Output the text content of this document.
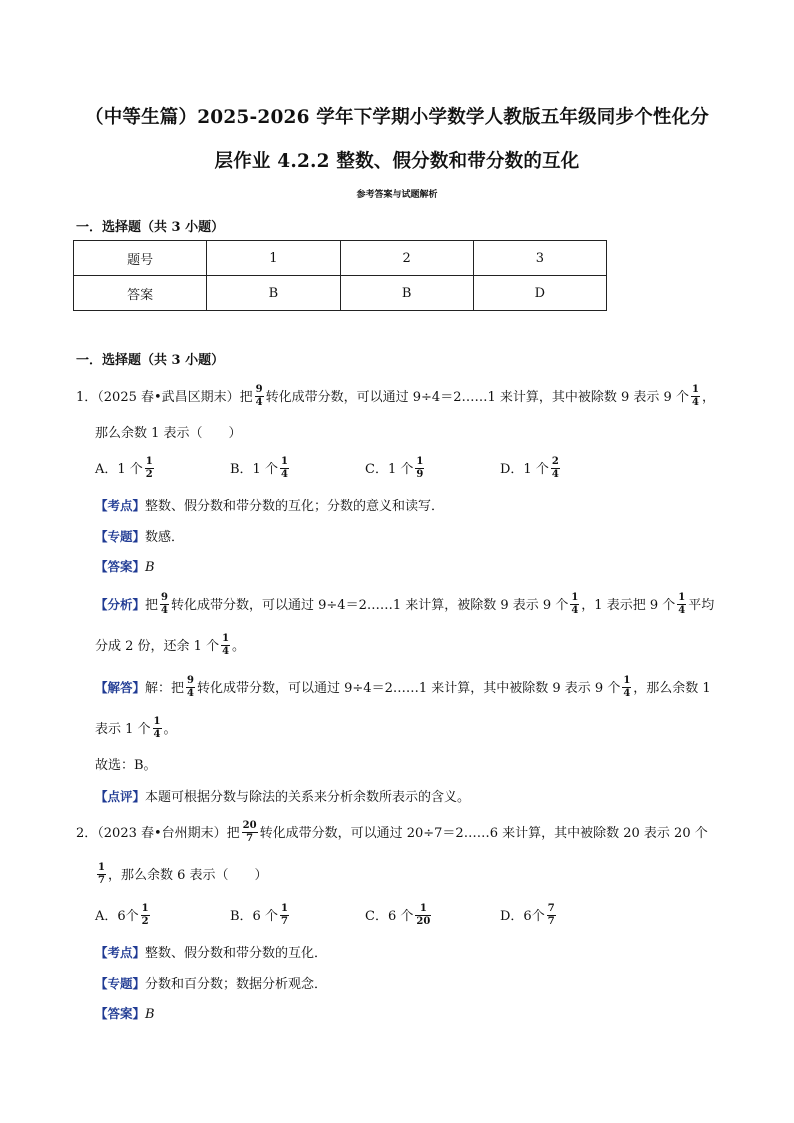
（中等生篇）2025-2026 学年下学期小学数学人教版五年级同步个性化分
层作业 4.2.2 整数、假分数和带分数的互化
参考答案与试题解析
一．选择题（共 3 小题）
题号	1	2	3
答案	B	B	D
一．选择题（共 3 小题）
1．（2025 春•武昌区期末）把 $\frac{9}{4}$ 转化成带分数，可以通过 9÷4＝2……1 来计算，其中被除数 9 表示 9 个 $\frac{1}{4}$ ，
那么余数 1 表示（　　）
A．1 个 $\frac{1}{2}$	B．1 个 $\frac{1}{4}$	C．1 个 $\frac{1}{9}$	D．1 个 $\frac{2}{4}$
【考点】整数、假分数和带分数的互化；分数的意义和读写．
【专题】数感．
【答案】B
【分析】把 $\frac{9}{4}$ 转化成带分数，可以通过 9÷4＝2……1 来计算，被除数 9 表示 9 个 $\frac{1}{4}$ ，1 表示把 9 个 $\frac{1}{4}$ 平均
分成 2 份，还余 1 个 $\frac{1}{4}$ 。
【解答】解：把 $\frac{9}{4}$ 转化成带分数，可以通过 9÷4＝2……1 来计算，其中被除数 9 表示 9 个 $\frac{1}{4}$ ，那么余数 1
表示 1 个 $\frac{1}{4}$ 。
故选：B。
【点评】本题可根据分数与除法的关系来分析余数所表示的含义。
2．（2023 春•台州期末）把 $\frac{20}{7}$ 转化成带分数，可以通过 20÷7＝2……6 来计算，其中被除数 20 表示 20 个
$\frac{1}{7}$ ，那么余数 6 表示（　　）
A．6个 $\frac{1}{2}$	B．6 个 $\frac{1}{7}$	C．6 个 $\frac{1}{20}$	D．6个 $\frac{7}{7}$
【考点】整数、假分数和带分数的互化．
【专题】分数和百分数；数据分析观念．
【答案】B
